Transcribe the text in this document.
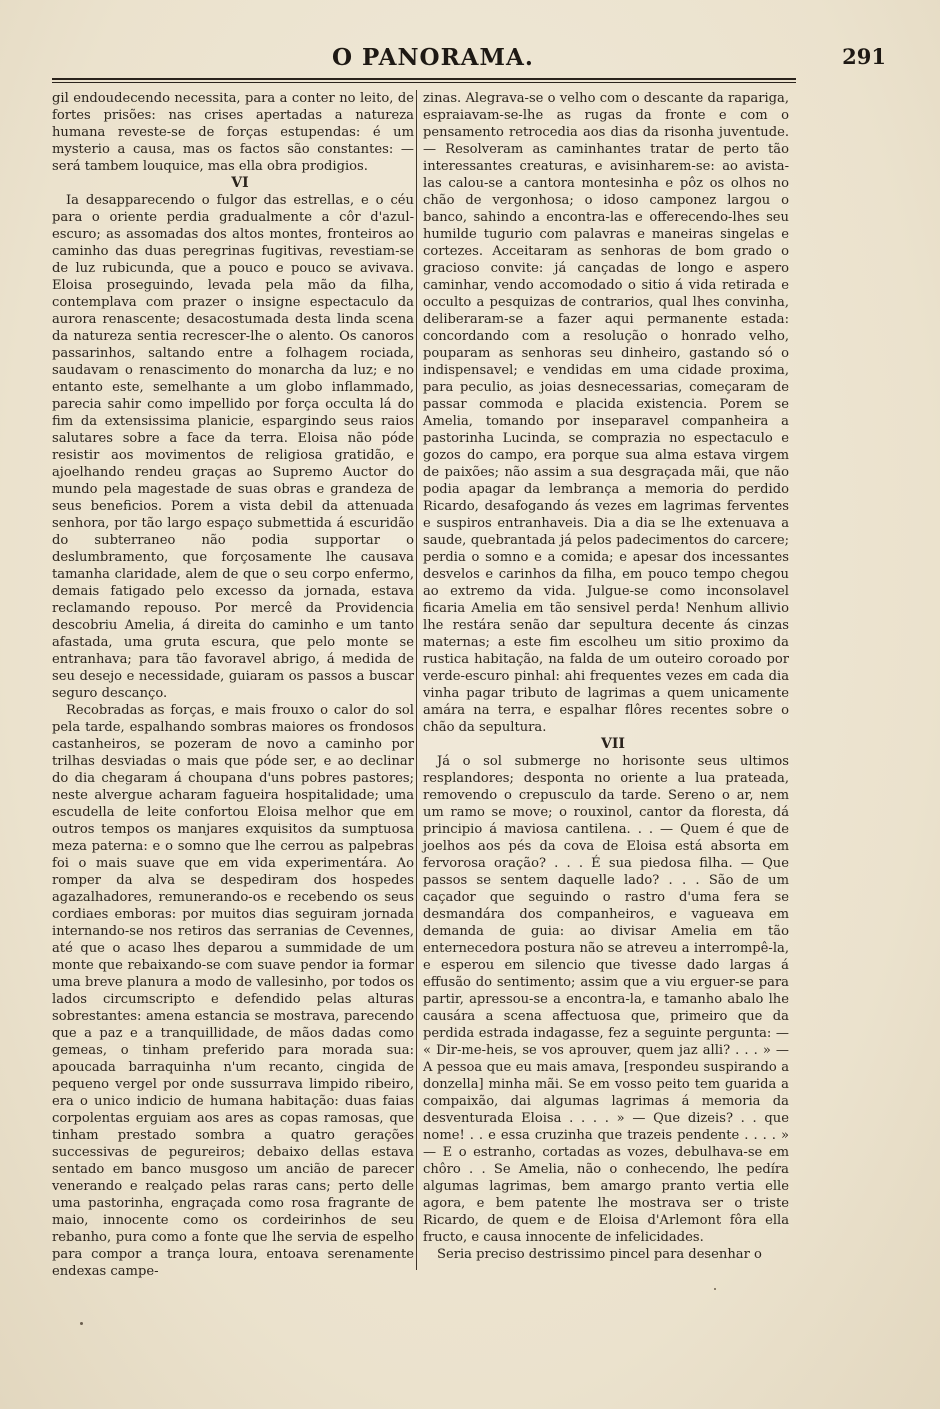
O PANORAMA.	291

gil endoudecendo necessita, para a conter no leito, de fortes prisões: nas crises apertadas a natureza humana reveste-se de forças estupendas: é um mysterio a causa, mas os factos são constantes: — será tambem louquice, mas ella obra prodigios.

VI

Ia desapparecendo o fulgor das estrellas, e o céu para o oriente perdia gradualmente a côr d'azul-escuro; as assomadas dos altos montes, fronteiros ao caminho das duas peregrinas fugitivas, revestiam-se de luz rubicunda, que a pouco e pouco se avivava. Eloisa proseguindo, levada pela mão da filha, contemplava com prazer o insigne espectaculo da aurora renascente; desacostumada desta linda scena da natureza sentia recrescer-lhe o alento. Os canoros passarinhos, saltando entre a folhagem rociada, saudavam o renascimento do monarcha da luz; e no entanto este, semelhante a um globo inflammado, parecia sahir como impellido por força occulta lá do fim da extensissima planicie, espargindo seus raios salutares sobre a face da terra. Eloisa não póde resistir aos movimentos de religiosa gratidão, e ajoelhando rendeu graças ao Supremo Auctor do mundo pela magestade de suas obras e grandeza de seus beneficios. Porem a vista debil da attenuada senhora, por tão largo espaço submettida á escuridão do subterraneo não podia supportar o deslumbramento, que forçosamente lhe causava tamanha claridade, alem de que o seu corpo enfermo, demais fatigado pelo excesso da jornada, estava reclamando repouso. Por mercê da Providencia descobriu Amelia, á direita do caminho e um tanto afastada, uma gruta escura, que pelo monte se entranhava; para tão favoravel abrigo, á medida de seu desejo e necessidade, guiaram os passos a buscar seguro descanço.

Recobradas as forças, e mais frouxo o calor do sol pela tarde, espalhando sombras maiores os frondosos castanheiros, se pozeram de novo a caminho por trilhas desviadas o mais que póde ser, e ao declinar do dia chegaram á choupana d'uns pobres pastores; neste alvergue acharam fagueira hospitalidade; uma escudella de leite confortou Eloisa melhor que em outros tempos os manjares exquisitos da sumptuosa meza paterna: e o somno que lhe cerrou as palpebras foi o mais suave que em vida experimentára. Ao romper da alva se despediram dos hospedes agazalhadores, remunerando-os e recebendo os seus cordiaes emboras: por muitos dias seguiram jornada internando-se nos retiros das serranias de Cevennes, até que o acaso lhes deparou a summidade de um monte que rebaixando-se com suave pendor ia formar uma breve planura a modo de vallesinho, por todos os lados circumscripto e defendido pelas alturas sobrestantes: amena estancia se mostrava, parecendo que a paz e a tranquillidade, de mãos dadas como gemeas, o tinham preferido para morada sua: apoucada barraquinha n'um recanto, cingida de pequeno vergel por onde sussurrava limpido ribeiro, era o unico indicio de humana habitação: duas faias corpolentas erguiam aos ares as copas ramosas, que tinham prestado sombra a quatro gerações successivas de pegureiros; debaixo dellas estava sentado em banco musgoso um ancião de parecer venerando e realçado pelas raras cans; perto delle uma pastorinha, engraçada como rosa fragrante de maio, innocente como os cordeirinhos de seu rebanho, pura como a fonte que lhe servia de espelho para compor a trança loura, entoava serenamente endexas campe-

zinas. Alegrava-se o velho com o descante da rapariga, espraiavam-se-lhe as rugas da fronte e com o pensamento retrocedia aos dias da risonha juventude. — Resolveram as caminhantes tratar de perto tão interessantes creaturas, e avisinharem-se: ao avista-las calou-se a cantora montesinha e pôz os olhos no chão de vergonhosa; o idoso camponez largou o banco, sahindo a encontra-las e offerecendo-lhes seu humilde tugurio com palavras e maneiras singelas e cortezes. Acceitaram as senhoras de bom grado o gracioso convite: já cançadas de longo e aspero caminhar, vendo accomodado o sitio á vida retirada e occulto a pesquizas de contrarios, qual lhes convinha, deliberaram-se a fazer aqui permanente estada: concordando com a resolução o honrado velho, pouparam as senhoras seu dinheiro, gastando só o indispensavel; e vendidas em uma cidade proxima, para peculio, as joias desnecessarias, começaram de passar commoda e placida existencia. Porem se Amelia, tomando por inseparavel companheira a pastorinha Lucinda, se comprazia no espectaculo e gozos do campo, era porque sua alma estava virgem de paixões; não assim a sua desgraçada mãi, que não podia apagar da lembrança a memoria do perdido Ricardo, desafogando ás vezes em lagrimas ferventes e suspiros entranhaveis. Dia a dia se lhe extenuava a saude, quebrantada já pelos padecimentos do carcere; perdia o somno e a comida; e apesar dos incessantes desvelos e carinhos da filha, em pouco tempo chegou ao extremo da vida. Julgue-se como inconsolavel ficaria Amelia em tão sensivel perda! Nenhum allivio lhe restára senão dar sepultura decente ás cinzas maternas; a este fim escolheu um sitio proximo da rustica habitação, na falda de um outeiro coroado por verde-escuro pinhal: ahi frequentes vezes em cada dia vinha pagar tributo de lagrimas a quem unicamente amára na terra, e espalhar flôres recentes sobre o chão da sepultura.

VII

Já o sol submerge no horisonte seus ultimos resplandores; desponta no oriente a lua prateada, removendo o crepusculo da tarde. Sereno o ar, nem um ramo se move; o rouxinol, cantor da floresta, dá principio á maviosa cantilena. . . — Quem é que de joelhos aos pés da cova de Eloisa está absorta em fervorosa oração? . . . É sua piedosa filha. — Que passos se sentem daquelle lado? . . . São de um caçador que seguindo o rastro d'uma fera se desmandára dos companheiros, e vagueava em demanda de guia: ao divisar Amelia em tão enternecedora postura não se atreveu a interrompê-la, e esperou em silencio que tivesse dado largas á effusão do sentimento; assim que a viu erguer-se para partir, apressou-se a encontra-la, e tamanho abalo lhe causára a scena affectuosa que, primeiro que da perdida estrada indagasse, fez a seguinte pergunta: — « Dir-me-heis, se vos aprouver, quem jaz alli? . . . » — A pessoa que eu mais amava, [respondeu suspirando a donzella] minha mãi. Se em vosso peito tem guarida a compaixão, dai algumas lagrimas á memoria da desventurada Eloisa . . . . » — Que dizeis? . . que nome! . . e essa cruzinha que trazeis pendente . . . . » — E o estranho, cortadas as vozes, debulhava-se em chôro . . Se Amelia, não o conhecendo, lhe pedíra algumas lagrimas, bem amargo pranto vertia elle agora, e bem patente lhe mostrava ser o triste Ricardo, de quem e de Eloisa d'Arlemont fôra ella fructo, e causa innocente de infelicidades.

Seria preciso destrissimo pincel para desenhar o
